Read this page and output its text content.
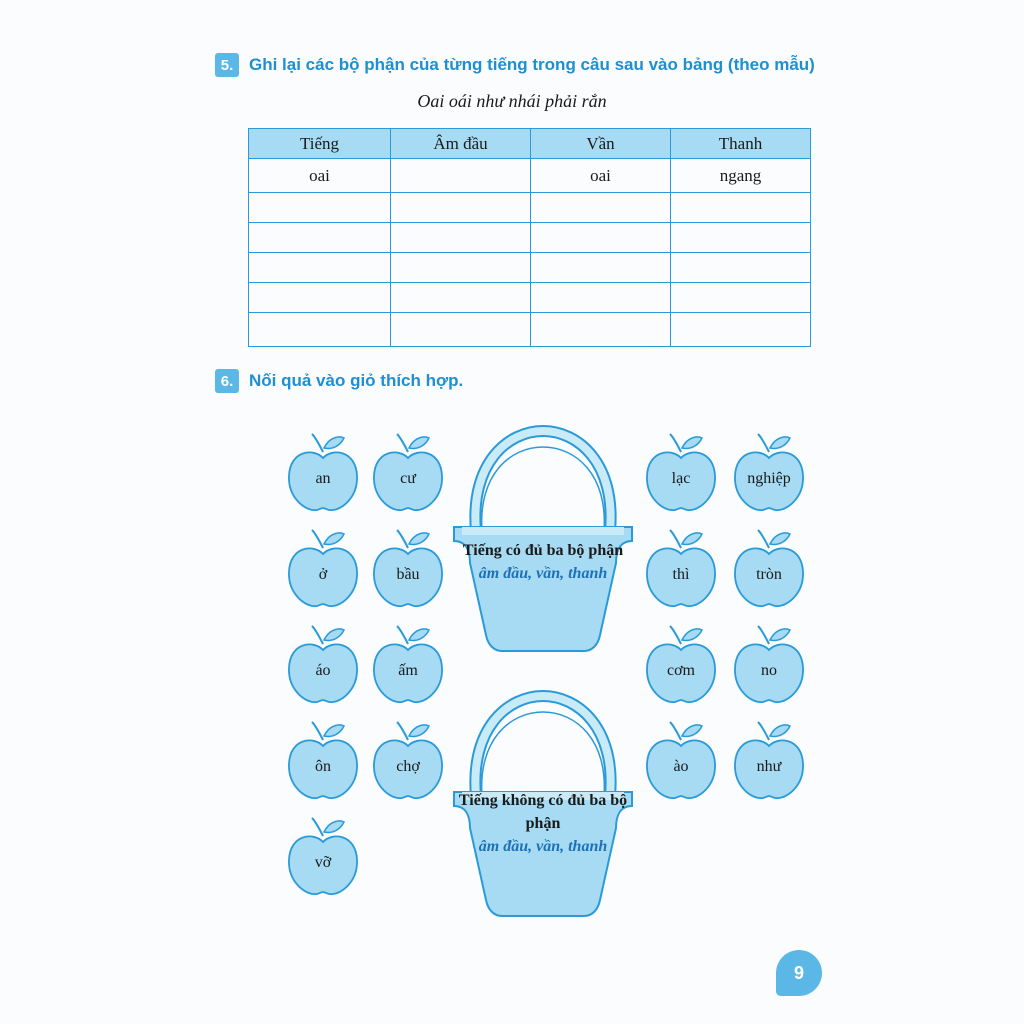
5. Ghi lại các bộ phận của từng tiếng trong câu sau vào bảng (theo mẫu)
Oai oái như nhái phải rắn
Tiếng	Âm đầu	Vần	Thanh
oai		oai	ngang

6. Nối quả vào giỏ thích hợp.
an	cư
ở	bầu
áo	ấm
ôn	chợ
vỡ
lạc	nghiệp
thì	tròn
cơm	no
ào	như
Tiếng có đủ ba bộ phận
âm đầu, vần, thanh
Tiếng không có đủ ba bộ phận
âm đầu, vần, thanh
9
